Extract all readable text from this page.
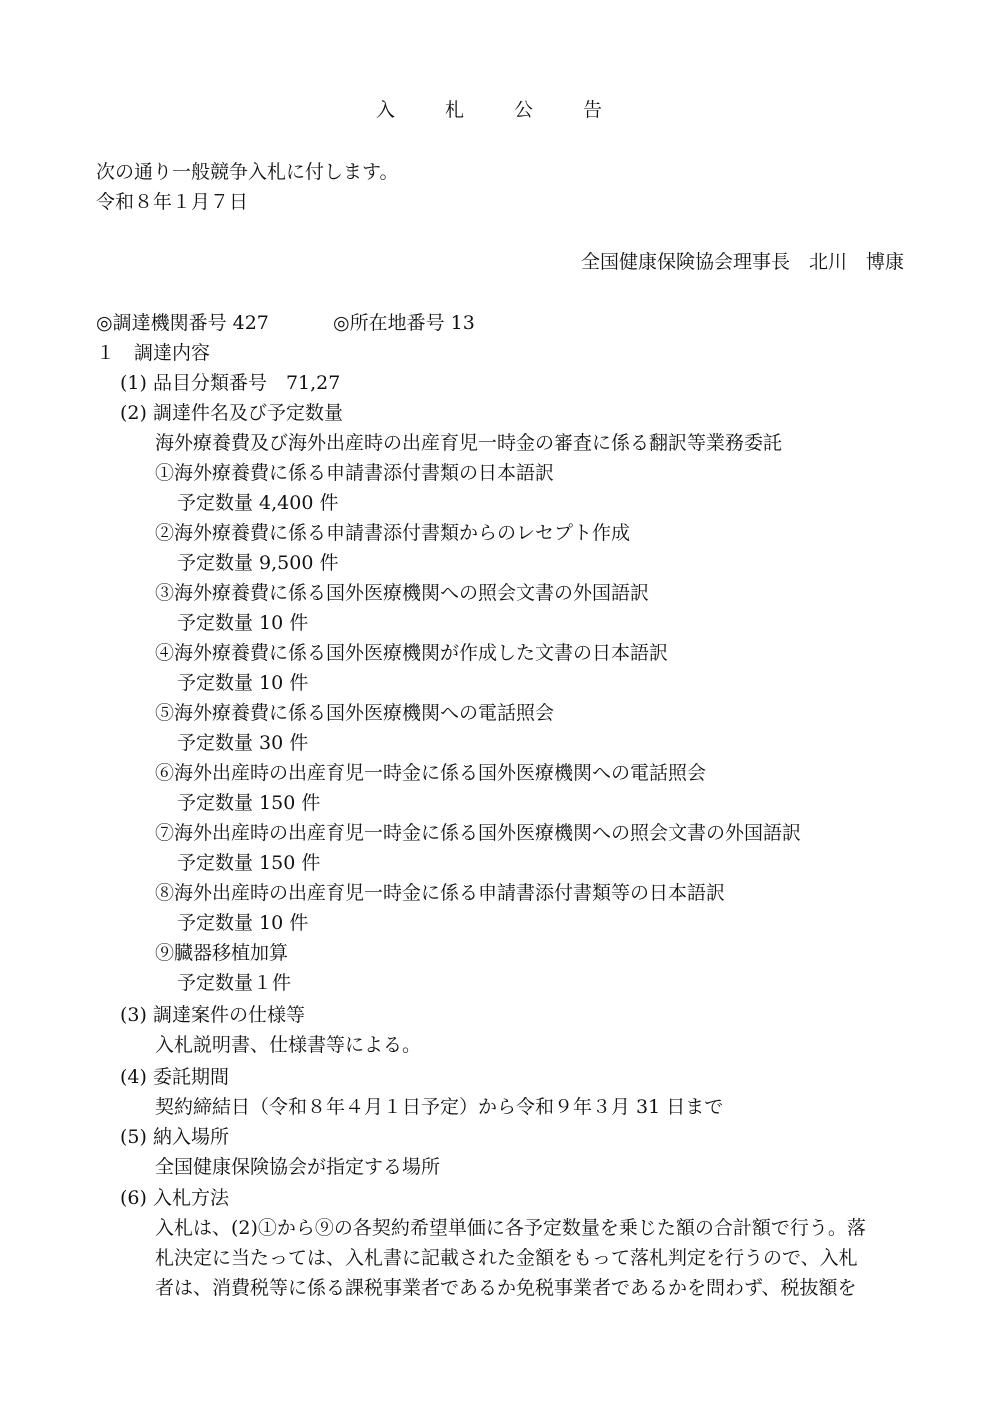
入 札 公 告
次の通り一般競争入札に付します。
令和８年１月７日
全国健康保険協会理事長　北川　博康
◎調達機関番号 427	◎所在地番号 13
１　調達内容
(1) 品目分類番号　71,27
(2) 調達件名及び予定数量
海外療養費及び海外出産時の出産育児一時金の審査に係る翻訳等業務委託
①海外療養費に係る申請書添付書類の日本語訳
予定数量 4,400 件
②海外療養費に係る申請書添付書類からのレセプト作成
予定数量 9,500 件
③海外療養費に係る国外医療機関への照会文書の外国語訳
予定数量 10 件
④海外療養費に係る国外医療機関が作成した文書の日本語訳
予定数量 10 件
⑤海外療養費に係る国外医療機関への電話照会
予定数量 30 件
⑥海外出産時の出産育児一時金に係る国外医療機関への電話照会
予定数量 150 件
⑦海外出産時の出産育児一時金に係る国外医療機関への照会文書の外国語訳
予定数量 150 件
⑧海外出産時の出産育児一時金に係る申請書添付書類等の日本語訳
予定数量 10 件
⑨臓器移植加算
予定数量１件
(3) 調達案件の仕様等
入札説明書、仕様書等による。
(4) 委託期間
契約締結日（令和８年４月１日予定）から令和９年３月 31 日まで
(5) 納入場所
全国健康保険協会が指定する場所
(6) 入札方法
入札は、(2)①から⑨の各契約希望単価に各予定数量を乗じた額の合計額で行う。落
札決定に当たっては、入札書に記載された金額をもって落札判定を行うので、入札
者は、消費税等に係る課税事業者であるか免税事業者であるかを問わず、税抜額を
